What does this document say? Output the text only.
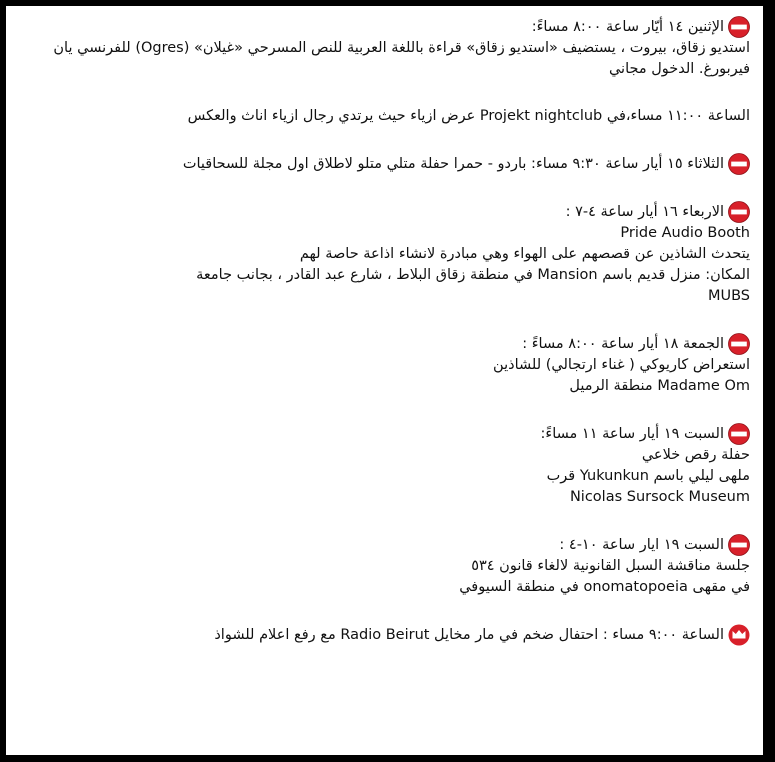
الإثنين ١٤ أيّار ساعة ٨:٠٠ مساءً:
استديو زقاق، بيروت ، يستضيف «استديو زقاق» قراءة باللغة العربية للنص المسرحي «غيلان» (Ogres) للفرنسي يان
فيربورغ. الدخول مجاني
الساعة ١١:٠٠ مساء،في Projekt nightclub عرض ازياء حيث يرتدي رجال ازياء اناث والعكس
الثلاثاء ١٥ أيار ساعة ٩:٣٠ مساء: باردو - حمرا حفلة متلي متلو لاطلاق اول مجلة للسحاقيات
الاربعاء ١٦ أيار ساعة ٤-٧ :
Pride Audio Booth
يتحدث الشاذين عن قصصهم على الهواء وهي مبادرة لانشاء اذاعة حاصة لهم
المكان: منزل قديم باسم Mansion في منطقة زقاق البلاط ، شارع عبد القادر ، بجانب جامعة
MUBS
الجمعة ١٨ أيار ساعة ٨:٠٠ مساءً :
استعراض كاريوكي ( غناء ارتجالي) للشاذين
Madame Om منطقة الرميل
السبت ١٩ أيار ساعة ١١ مساءً:
حفلة رقص خلاعي
ملهى ليلي باسم Yukunkun قرب
Nicolas Sursock Museum
السبت ١٩ ايار ساعة ١٠-٤ :
جلسة مناقشة السبل القانونية لالغاء قانون ٥٣٤
في مقهى onomatopoeia في منطقة السيوفي
الساعة ٩:٠٠ مساء : احتفال ضخم في مار مخايل Radio Beirut مع رفع اعلام للشواذ
